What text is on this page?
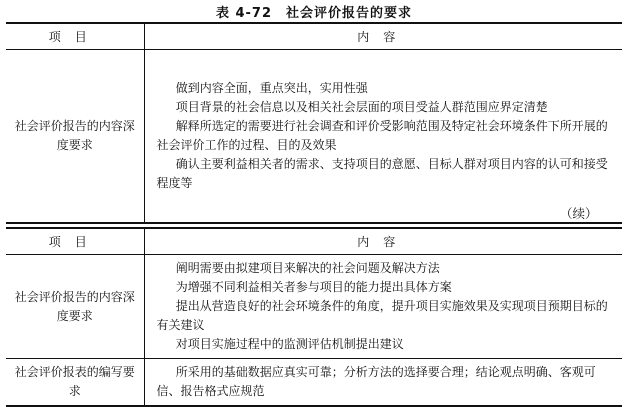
表 4-72　社会评价报告的要求
项目	内容
社会评价报告的内容深度要求	做到内容全面，重点突出，实用性强

项目背景的社会信息以及相关社会层面的项目受益人群范围应界定清楚

解释所选定的需要进行社会调查和评价受影响范围及特定社会环境条件下所开展的社会评价工作的过程、目的及效果

确认主要利益相关者的需求、支持项目的意愿、目标人群对项目内容的认可和接受程度等

（续）
项目	内容
社会评价报告的内容深度要求	阐明需要由拟建项目来解决的社会问题及解决方法

为增强不同利益相关者参与项目的能力提出具体方案

提出从营造良好的社会环境条件的角度，提升项目实施效果及实现项目预期目标的有关建议

对项目实施过程中的监测评估机制提出建议

社会评价报表的编写要求	所采用的基础数据应真实可靠；分析方法的选择要合理；结论观点明确、客观可信、报告格式应规范
